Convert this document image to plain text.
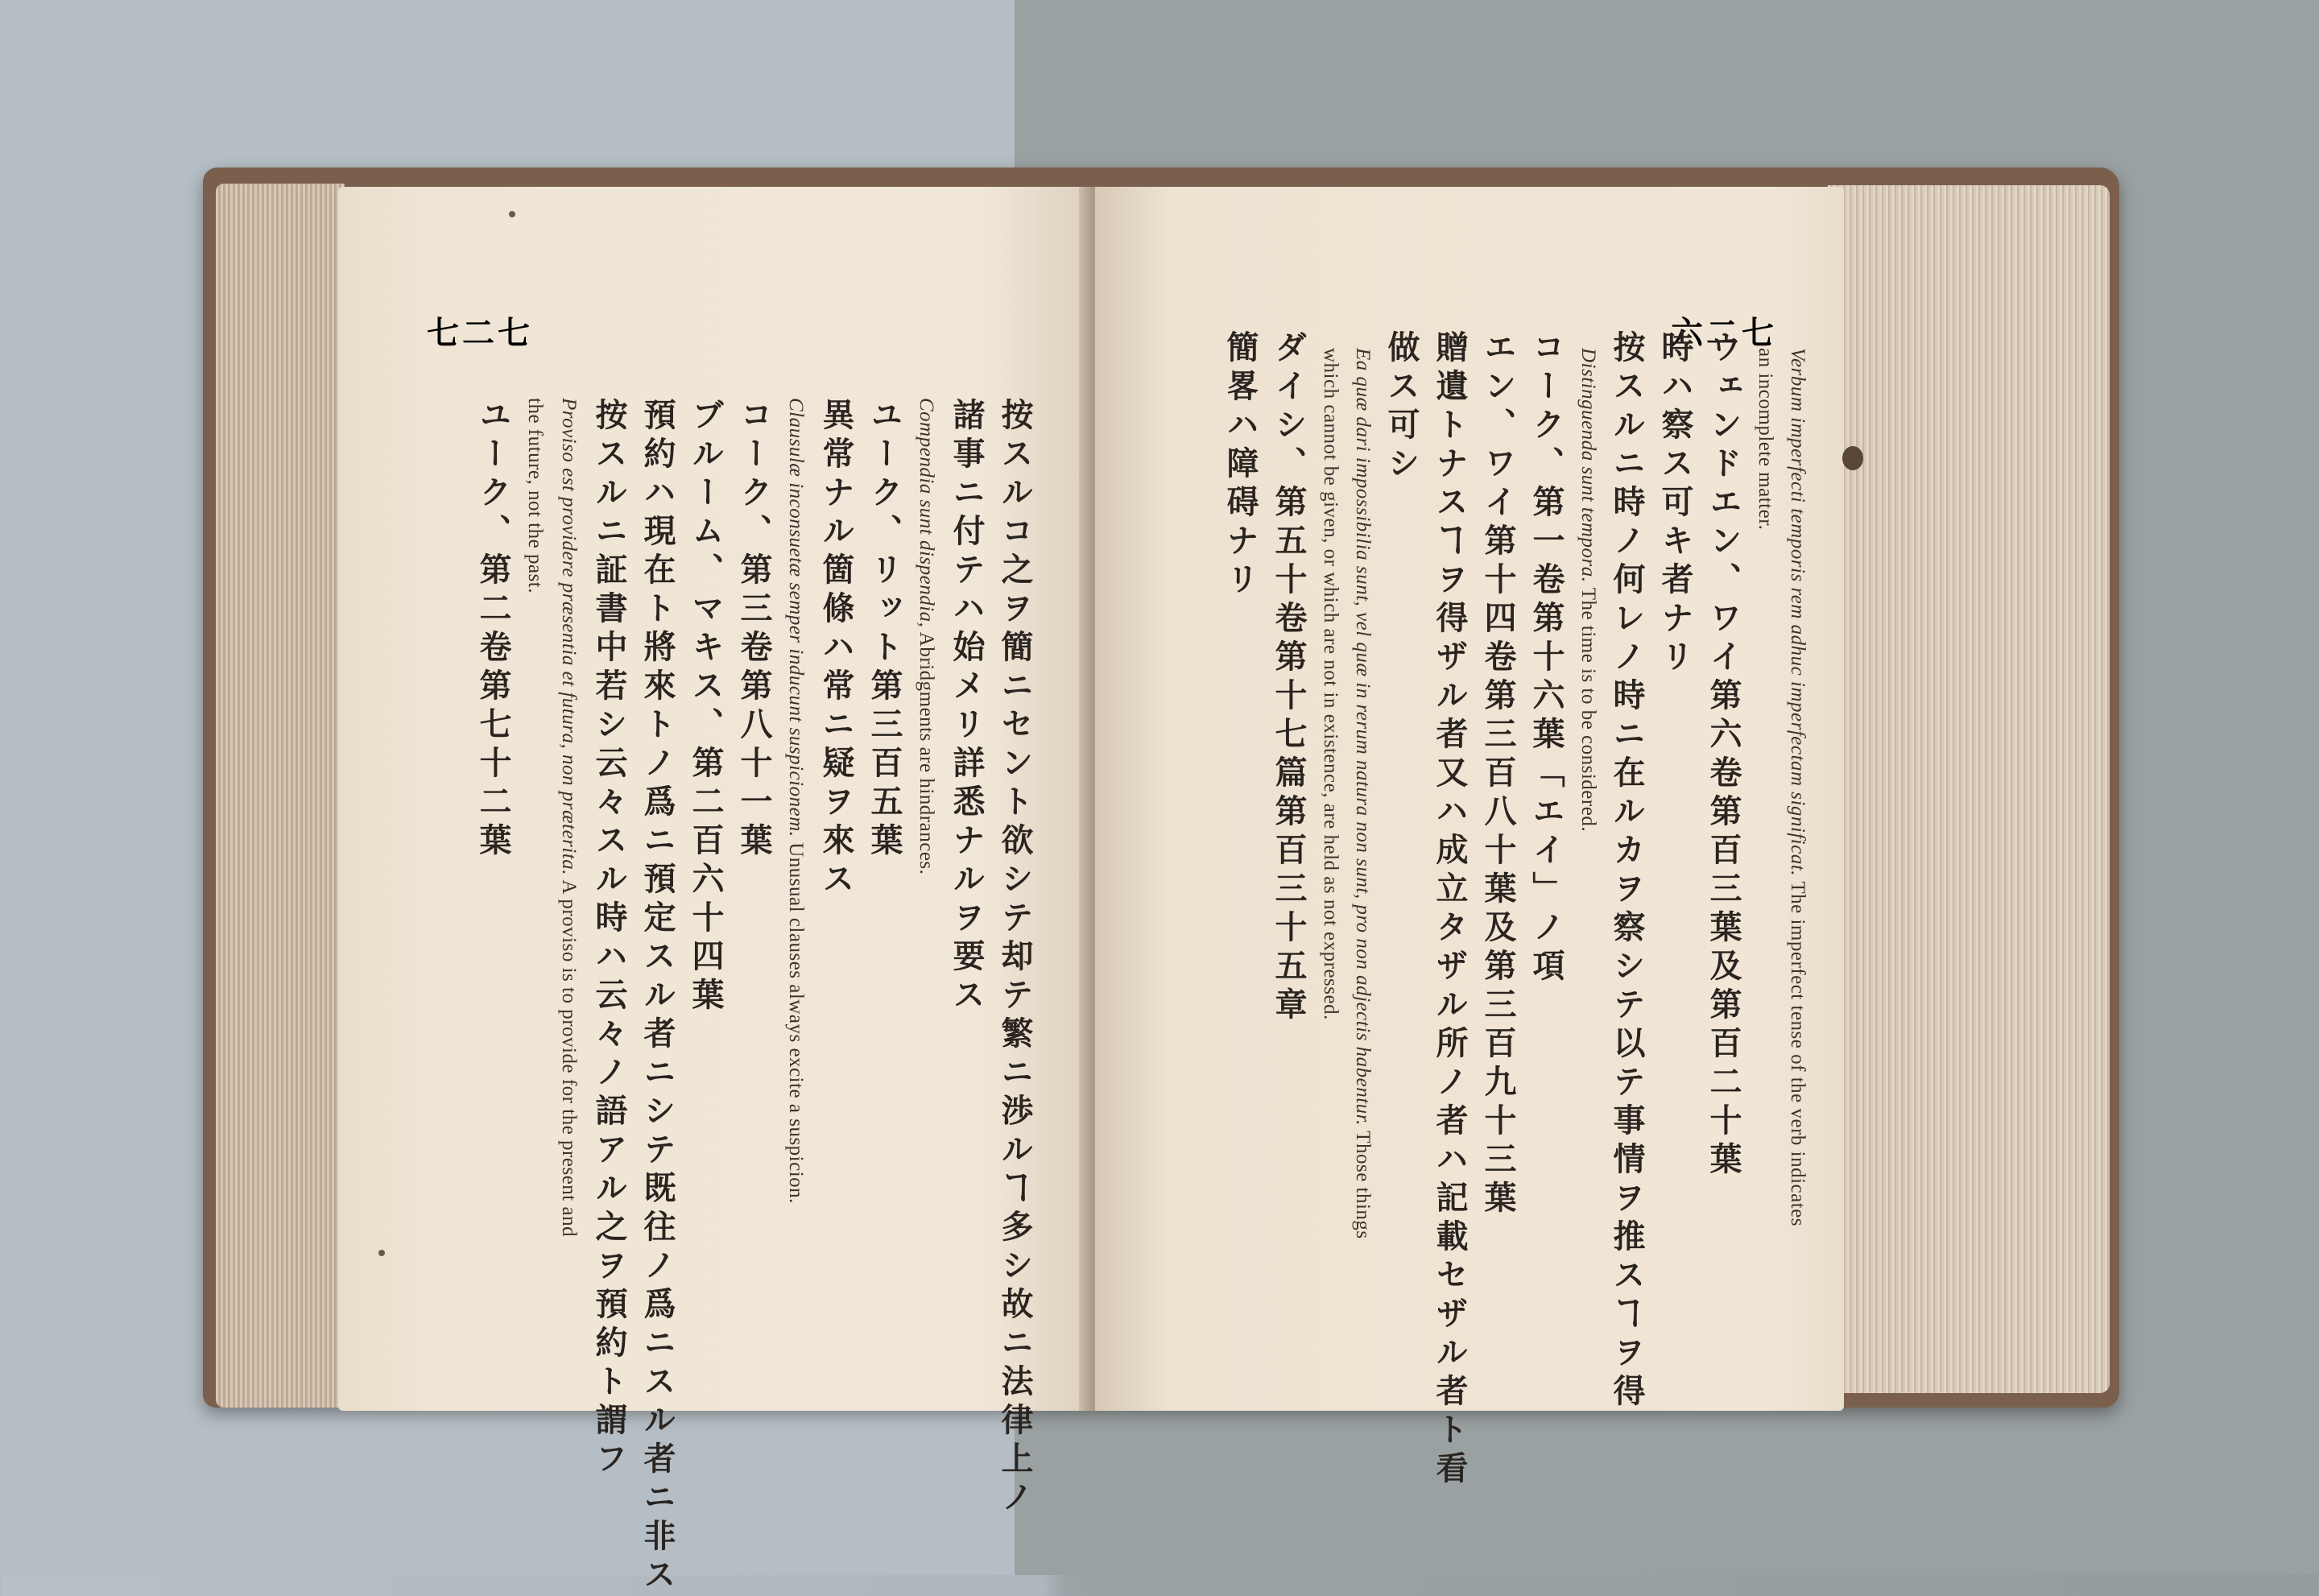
七二七
按スルコ之ヲ簡ニセント欲シテ却テ繁ニ渉ルヿ多シ故ニ法律上ノ
諸事ニ付テハ始メリ詳悉ナルヲ要ス
Compendia sunt dispendia, Abridgments are hindrances.
ユーク、リット第三百五葉
異常ナル箇條ハ常ニ疑ヲ來ス
Clausulæ inconsuetæ semper inducunt suspicionem. Unusual clauses always excite a suspicion.
コーク、第三卷第八十一葉
ブルーム、マキス、第二百六十四葉
預約ハ現在ト將來トノ爲ニ預定スル者ニシテ既往ノ爲ニスル者ニ非ス
按スルニ証書中若シ云々スル時ハ云々ノ語アル之ヲ預約ト謂フ
Proviso est providere præsentia et futura, non præterita. A proviso is to provide for the present and
the future, not the past.
ユーク、第二卷第七十二葉
六二七
Verbum imperfecti temporis rem adhuc imperfectam significat. The imperfect tense of the verb indicates
an incomplete matter.
ウェンドエン、ワイ第六卷第百三葉及第百二十葉
時ハ察ス可キ者ナリ
按スルニ時ノ何レノ時ニ在ルカヲ察シテ以テ事情ヲ推スヿヲ得
Distinguenda sunt tempora. The time is to be considered.
コーク、第一卷第十六葉「エイ」ノ項
エン、ワイ第十四卷第三百八十葉及第三百九十三葉
贈遺トナスヿヲ得ザル者又ハ成立タザル所ノ者ハ記載セザル者ト看
做ス可シ
Ea quæ dari impossibilia sunt, vel quæ in rerum natura non sunt, pro non adjectis habentur. Those things
which cannot be given, or which are not in existence, are held as not expressed.
ダイシ、第五十卷第十七篇第百三十五章
簡畧ハ障碍ナリ
